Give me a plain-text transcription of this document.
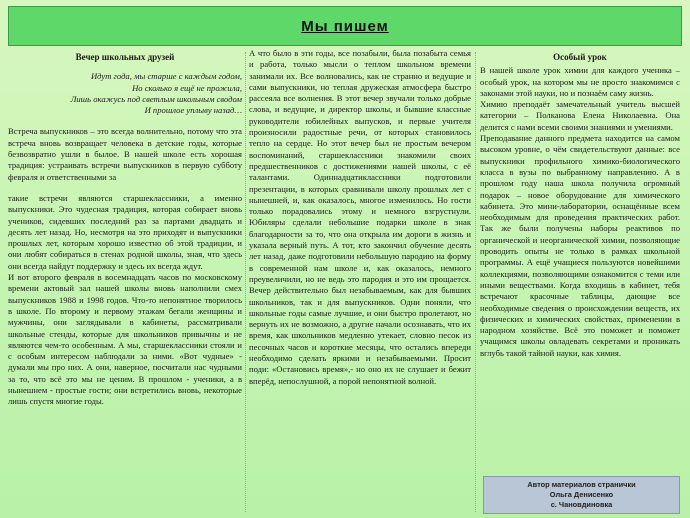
Мы пишем

Вечер школьных друзей

Идут года, мы старше с каждым годом,

Но сколько я ещё не прожила,

Лишь окажусь под светлым школьным сводом

И прошлое уплыву назад…

Встреча выпускников – это всегда волнительно, потому что эта встреча вновь возвращает человека в детские годы, которые безвозвратно ушли в былое. В нашей школе есть хорошая традиция: устраивать встречи выпускников в первую субботу февраля и ответственными за

такие встречи являются старшеклассники, а именно выпускники. Это чудесная традиция, которая собирает вновь учеников, сидевших последний раз за партами двадцать и десять лет назад. Но, несмотря на это приходят и выпускники прошлых лет, которым хорошо известно об этой традиции, и они любят собираться в стенах родной школы, зная, что здесь они всегда найдут поддержку и здесь их всегда ждут.

И вот второго февраля в восемнадцать часов по московскому времени актовый зал нашей школы вновь наполнили смех выпускников 1988 и 1998 годов. Что-то непонятное творилось в школе. По второму и первому этажам бегали женщины и мужчины, они заглядывали в кабинеты, рассматривали школьные стенды, которые для школьников привычны и не являются чем-то особенным. А мы, старшеклассники стояли и с особым интересом наблюдали за ними. «Вот чудные» - думали мы про них. А они, наверное, посчитали нас чудными за то, что всё это мы не ценим. В прошлом - ученики, а в нынешнем - простые гости; они встретились вновь, некоторые лишь спустя многие годы.

А что было в эти годы, все позабыли, была позабыта семья и работа, только мысли о теплом школьном времени занимали их. Все волновались, как не странно и ведущие и сами выпускники, но теплая дружеская атмосфера быстро рассеяла все волнения. В этот вечер звучали только добрые слова, и ведущие, и директор школы, и бывшие классные руководители юбилейных выпусков, и первые учителя произносили радостные речи, от которых становилось тепло на сердце. Но этот вечер был не простым вечером воспоминаний, старшеклассники знакомили своих предшественников с достижениями нашей школы, с её талантами. Одиннадцатиклассники подготовили презентации, в которых сравнивали школу прошлых лет с нынешней, и, как оказалось, многое изменилось. Но гости только порадовались этому и немного взгрустнули. Юбиляры сделали небольшие подарки школе в знак благодарности за то, что она открыла им дороги в жизнь и указала верный путь. А тот, кто закончил обучение десять лет назад, даже подготовили небольшую пародию на форму в современной нам школе и, как оказалось, немного преувеличили, но не ведь это пародия и это им прощается. Вечер действительно был незабываемым, как для бывших школьников, так и для выпускников. Одни поняли, что школьные годы самые лучшие, и они быстро пролетают, но вернуть их не возможно, а другие начали осознавать, что их время, как школьников медленно утекает, словно песок из песочных часов и короткие месяцы, что остались впереди необходимо сделать яркими и незабываемыми. Просит поди: «Остановись время»,- но оно их не слушает и бежит вперёд, непослушной, а порой непонятной волной.

Особый урок

В нашей школе урок химии для каждого ученика – особый урок, на котором мы не просто знакомимся с законами этой науки, но и познаём саму жизнь.

Химию преподаёт замечательный учитель высшей категории – Полканова Елена Николаевна. Она делится с нами всеми своими знаниями и умениями.

Преподавание данного предмета находится на самом высоком уровне, о чём свидетельствуют данные: все выпускники профильного химико-биологического класса в вузы по выбранному направлению. А в прошлом году наша школа получила огромный подарок – новое оборудование для химического кабинета. Это мини-лаборатории, оснащённые всем необходимым для проведения практических работ. Так же были получены наборы реактивов по органической и неорганической химии, позволяющие проводить опыты не только в рамках школьной программы. А ещё учащиеся пользуются новейшими коллекциями, позволяющими ознакомится с теми или иными веществами. Когда входишь в кабинет, тебя встречают красочные таблицы, дающие все необходимые сведения о происхождении веществ, их физических и химических свойствах, применении в народном хозяйстве. Всё это поможет и поможет учащимся школы овладевать секретами и проникать вглубь такой тайной науки, как химия.

Автор материалов странички
Ольга Денисенко
с. Чановдиновка
